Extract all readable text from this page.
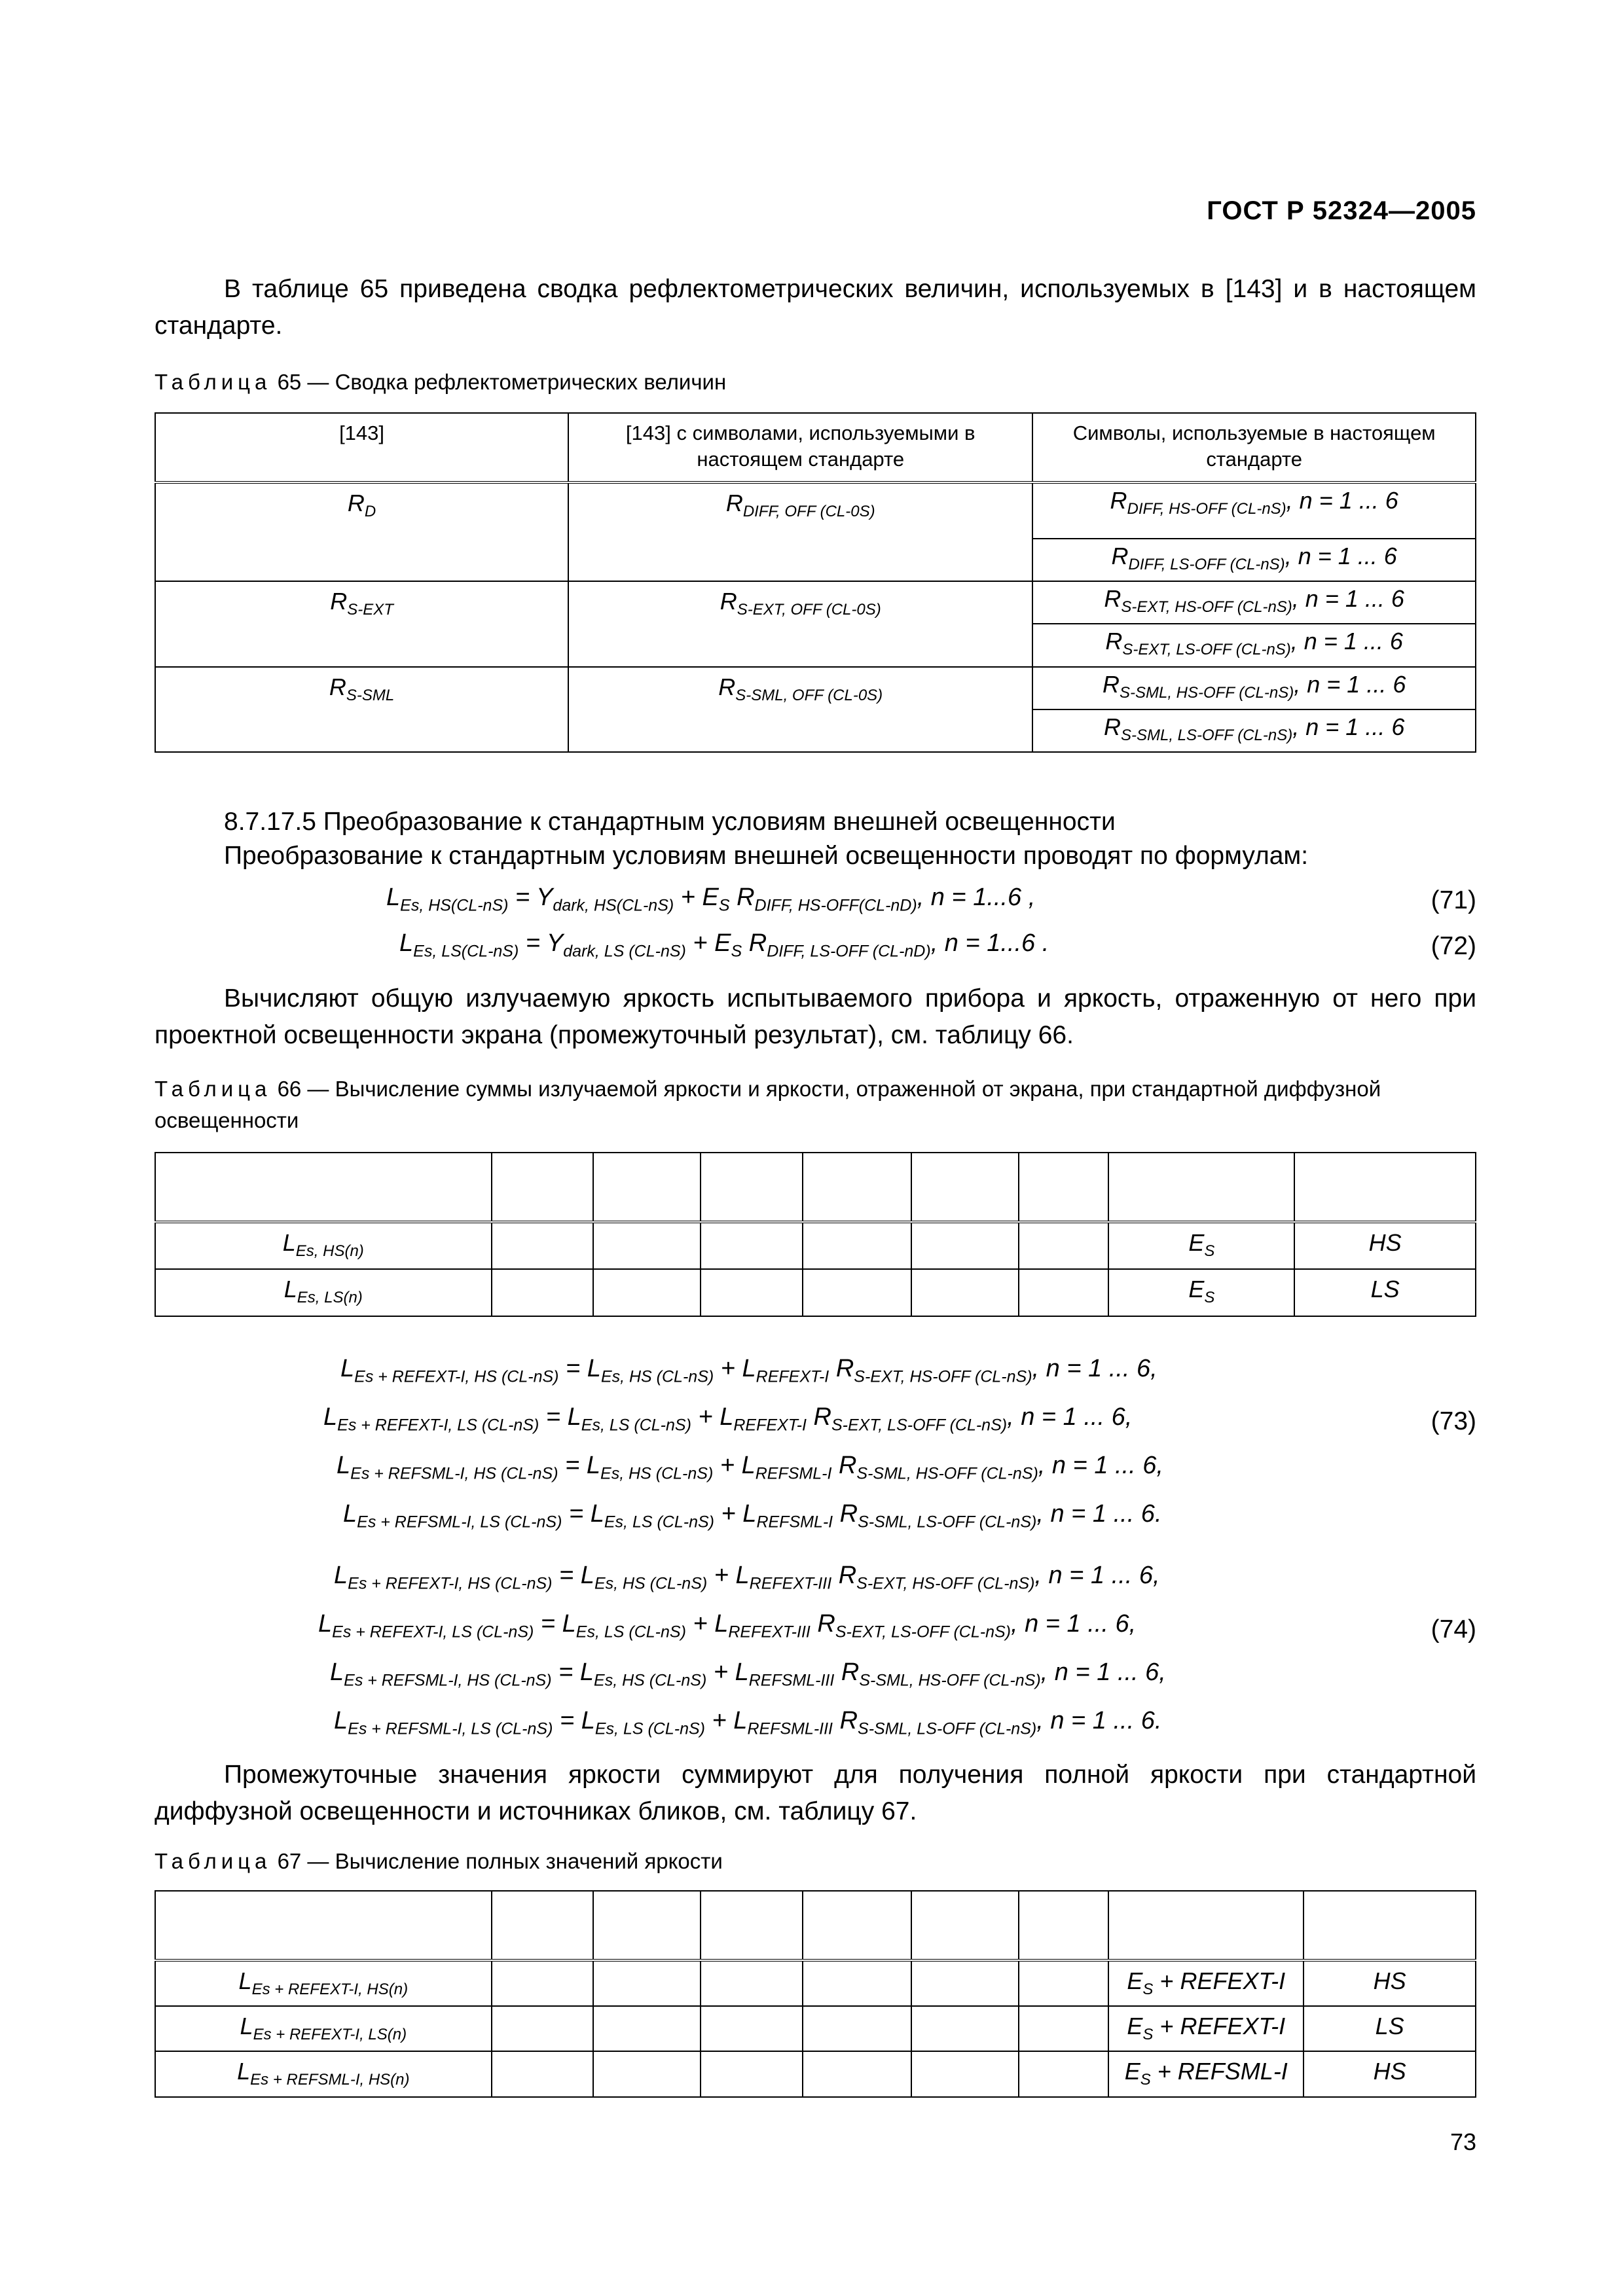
ГОСТ Р 52324—2005
В таблице 65 приведена сводка рефлектометрических величин, используемых в [143] и в настоящем стандарте.
Таблица 65 — Сводка рефлектометрических величин
[143]	[143] с символами, используемыми в настоящем стандарте	Символы, используемые в настоящем стандарте
$R_D$	$R_{DIFF, OFF (CL-0S)}$	$R_{DIFF, HS-OFF (CL-nS)}$, n = 1 ... 6
		$R_{DIFF, LS-OFF (CL-nS)}$, n = 1 ... 6
$R_{S-EXT}$	$R_{S-EXT, OFF (CL-0S)}$	$R_{S-EXT, HS-OFF (CL-nS)}$, n = 1 ... 6
		$R_{S-EXT, LS-OFF (CL-nS)}$, n = 1 ... 6
$R_{S-SML}$	$R_{S-SML, OFF (CL-0S)}$	$R_{S-SML, HS-OFF (CL-nS)}$, n = 1 ... 6
		$R_{S-SML, LS-OFF (CL-nS)}$, n = 1 ... 6
8.7.17.5 Преобразование к стандартным условиям внешней освещенности
Преобразование к стандартным условиям внешней освещенности проводят по формулам:
$L_{Es, HS(CL-nS)} = Y_{dark, HS(CL-nS)} + E_S$ $R_{DIFF, HS-OFF(CL-nD)}$, n = 1...6 ,	(71)
$L_{Es, LS(CL-nS)} = Y_{dark, LS (CL-nS)} + E_S$ $R_{DIFF, LS-OFF (CL-nD)}$, n = 1...6 .	(72)
Вычисляют общую излучаемую яркость испытываемого прибора и яркость, отраженную от него при проектной освещенности экрана (промежуточный результат), см. таблицу 66.
Таблица 66 — Вычисление суммы излучаемой яркости и яркости, отраженной от экрана, при стандартной диффузной освещенности

$L_{Es, HS(n)}$							$E_S$	HS
$L_{Es, LS(n)}$							$E_S$	LS
$L_{Es + REFEXT-I, HS (CL-nS)} = L_{Es, HS (CL-nS)} + L_{REFEXT-I}$ $R_{S-EXT, HS-OFF (CL-nS)}$, n = 1 ... 6,
$L_{Es + REFEXT-I, LS (CL-nS)} = L_{Es, LS (CL-nS)} + L_{REFEXT-I}$ $R_{S-EXT, LS-OFF (CL-nS)}$, n = 1 ... 6,
$L_{Es + REFSML-I, HS (CL-nS)} = L_{Es, HS (CL-nS)} + L_{REFSML-I}$ $R_{S-SML, HS-OFF (CL-nS)}$, n = 1 ... 6,
$L_{Es + REFSML-I, LS (CL-nS)} = L_{Es, LS (CL-nS)} + L_{REFSML-I}$ $R_{S-SML, LS-OFF (CL-nS)}$, n = 1 ... 6.
(73)
$L_{Es + REFEXT-I, HS (CL-nS)} = L_{Es, HS (CL-nS)} + L_{REFEXT-III}$ $R_{S-EXT, HS-OFF (CL-nS)}$, n = 1 ... 6,
$L_{Es + REFEXT-I, LS (CL-nS)} = L_{Es, LS (CL-nS)} + L_{REFEXT-III}$ $R_{S-EXT, LS-OFF (CL-nS)}$, n = 1 ... 6,
$L_{Es + REFSML-I, HS (CL-nS)} = L_{Es, HS (CL-nS)} + L_{REFSML-III}$ $R_{S-SML, HS-OFF (CL-nS)}$, n = 1 ... 6,
$L_{Es + REFSML-I, LS (CL-nS)} = L_{Es, LS (CL-nS)} + L_{REFSML-III}$ $R_{S-SML, LS-OFF (CL-nS)}$, n = 1 ... 6.
(74)
Промежуточные значения яркости суммируют для получения полной яркости при стандартной диффузной освещенности и источниках бликов, см. таблицу 67.
Таблица 67 — Вычисление полных значений яркости

$L_{Es + REFEXT-I, HS(n)}$							$E_S$ + REFEXT-I	HS
$L_{Es + REFEXT-I, LS(n)}$							$E_S$ + REFEXT-I	LS
$L_{Es + REFSML-I, HS(n)}$							$E_S$ + REFSML-I	HS
73
